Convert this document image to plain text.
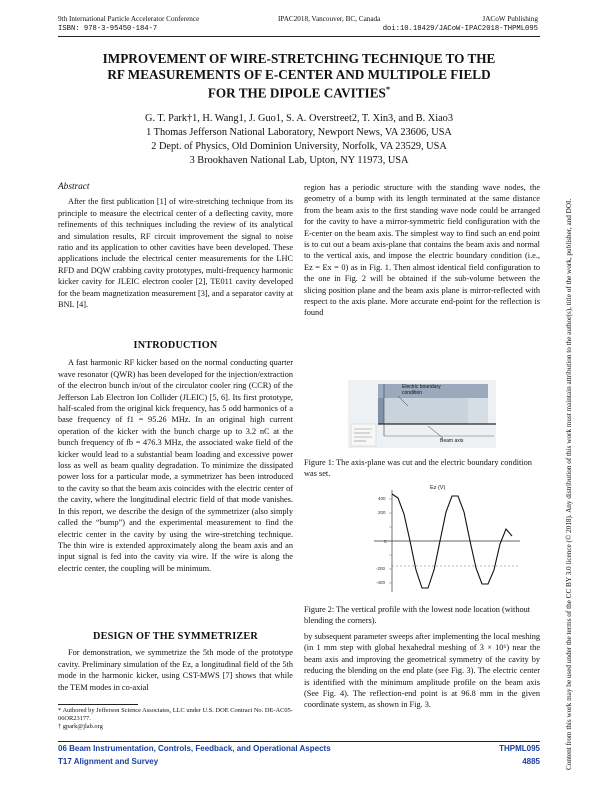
9th International Particle Accelerator Conference	IPAC2018, Vancouver, BC, Canada	JACoW Publishing
ISBN: 978-3-95450-184-7	doi:10.18429/JACoW-IPAC2018-THPML095
IMPROVEMENT OF WIRE-STRETCHING TECHNIQUE TO THE
RF MEASUREMENTS OF E-CENTER AND MULTIPOLE FIELD
FOR THE DIPOLE CAVITIES*
G. T. Park†1, H. Wang1, J. Guo1, S. A. Overstreet2, T. Xin3, and B. Xiao3
1 Thomas Jefferson National Laboratory, Newport News, VA 23606, USA
2 Dept. of Physics, Old Dominion University, Norfolk, VA 23529, USA
3 Brookhaven National Lab, Upton, NY 11973, USA
Abstract

After the first publication [1] of wire-stretching technique from its principle to measure the electrical center of a deflecting cavity, more refinements of this techniques including the review of its analytical and simulation results, RF circuit improvement the signal to noise ratio and its application to other cavities have been developed. These applications include the electrical center measurements for the LHC RFD and DQW crabbing cavity prototypes, multi-frequency harmonic kicker cavity for JLEIC electron cooler [2], TE011 cavity developed for the beam magnetization measurement [3], and a separator cavity at BNL [4].

INTRODUCTION

A fast harmonic RF kicker based on the normal conducting quarter wave resonator (QWR) has been developed for the injection/extraction of the electron bunch in/out of the circulator cooler ring (CCR) of the Jefferson Lab Electron Ion Collider (JLEIC) [5, 6]. Its first prototype, half-scaled from the original kick frequency, has 5 odd harmonics of a base frequency of f1 = 95.26 MHz. In an original high current operation of the kicker with the bunch charge up to 3.2 nC at the bunch frequency of fb = 476.3 MHz, the associated wake field of the kicker would lead to a substantial beam loading and excessive power loss as well as beam quality degradation. To minimize the dissipated power loss for a particular mode, a symmetrizer has been introduced to the cavity so that the beam axis coincides with the electric center of the cavity, where the longitudinal electric field of that mode vanishes. In this report, we describe the design of the symmetrizer (also simply called the “bump”) and the experimental measurement to find the electric center in the cavity by using the wire-stretching technique. The thin wire is extended approximately along the beam axis and an input signal is fed into the cavity via wire. If the wire is along the electric center, the coupling will be minimum.

DESIGN OF THE SYMMETRIZER

For demonstration, we symmetrize the 5th mode of the prototype cavity. Preliminary simulation of the Ez, a longitudinal field of the 5th mode in the harmonic kicker, using CST-MWS [7] shows that while the TEM modes in co-axial

* Authored by Jefferson Science Associates, LLC under U.S. DOE Contract No. DE-AC05-06OR23177.
† gpark@jlab.org

region has a periodic structure with the standing wave nodes, the geometry of a bump with its length terminated at the same distance from the beam axis to the first standing wave node could be arranged for the cavity to have a mirror-symmetric field configuration with the E-center on the beam axis. The simplest way to find such an end point is to cut out a beam axis-plane that contains the beam axis and normal to the vertical axis, and impose the electric boundary condition (i.e., Ez = Ex = 0) as in Fig. 1. Then almost identical field configuration to the one in Fig. 2 will be obtained if the sub-volume between the slicing position plane and the beam axis plane is mirror-reflected with respect to the axis plane. More accurate end-point for the reflection is found

Electric boundary condition
Beam axis
Figure 1: The axis-plane was cut and the electric boundary condition was set.
400
200
0
-200
-400
Ez (V)
Figure 2: The vertical profile with the lowest node location (without blending the corners).

by subsequent parameter sweeps after implementing the local meshing (in 1 mm step with global hexahedral meshing of 3 × 10⁶) near the beam axis and improving the geometrical symmetry of the cavity by reducing the blending on the end plate (see Fig. 3). The electric center is identified with the minimum amplitude profile on the beam axis (See Fig. 4). The reflection-end point is at 96.8 mm in the given coordinate system, as shown in Fig. 3.

06 Beam Instrumentation, Controls, Feedback, and Operational Aspects	THPML095
T17 Alignment and Survey	4885	Content from this work may be used under the terms of the CC BY 3.0 licence (© 2018). Any distribution of this work must maintain attribution to the author(s), title of the work, publisher, and DOI.
